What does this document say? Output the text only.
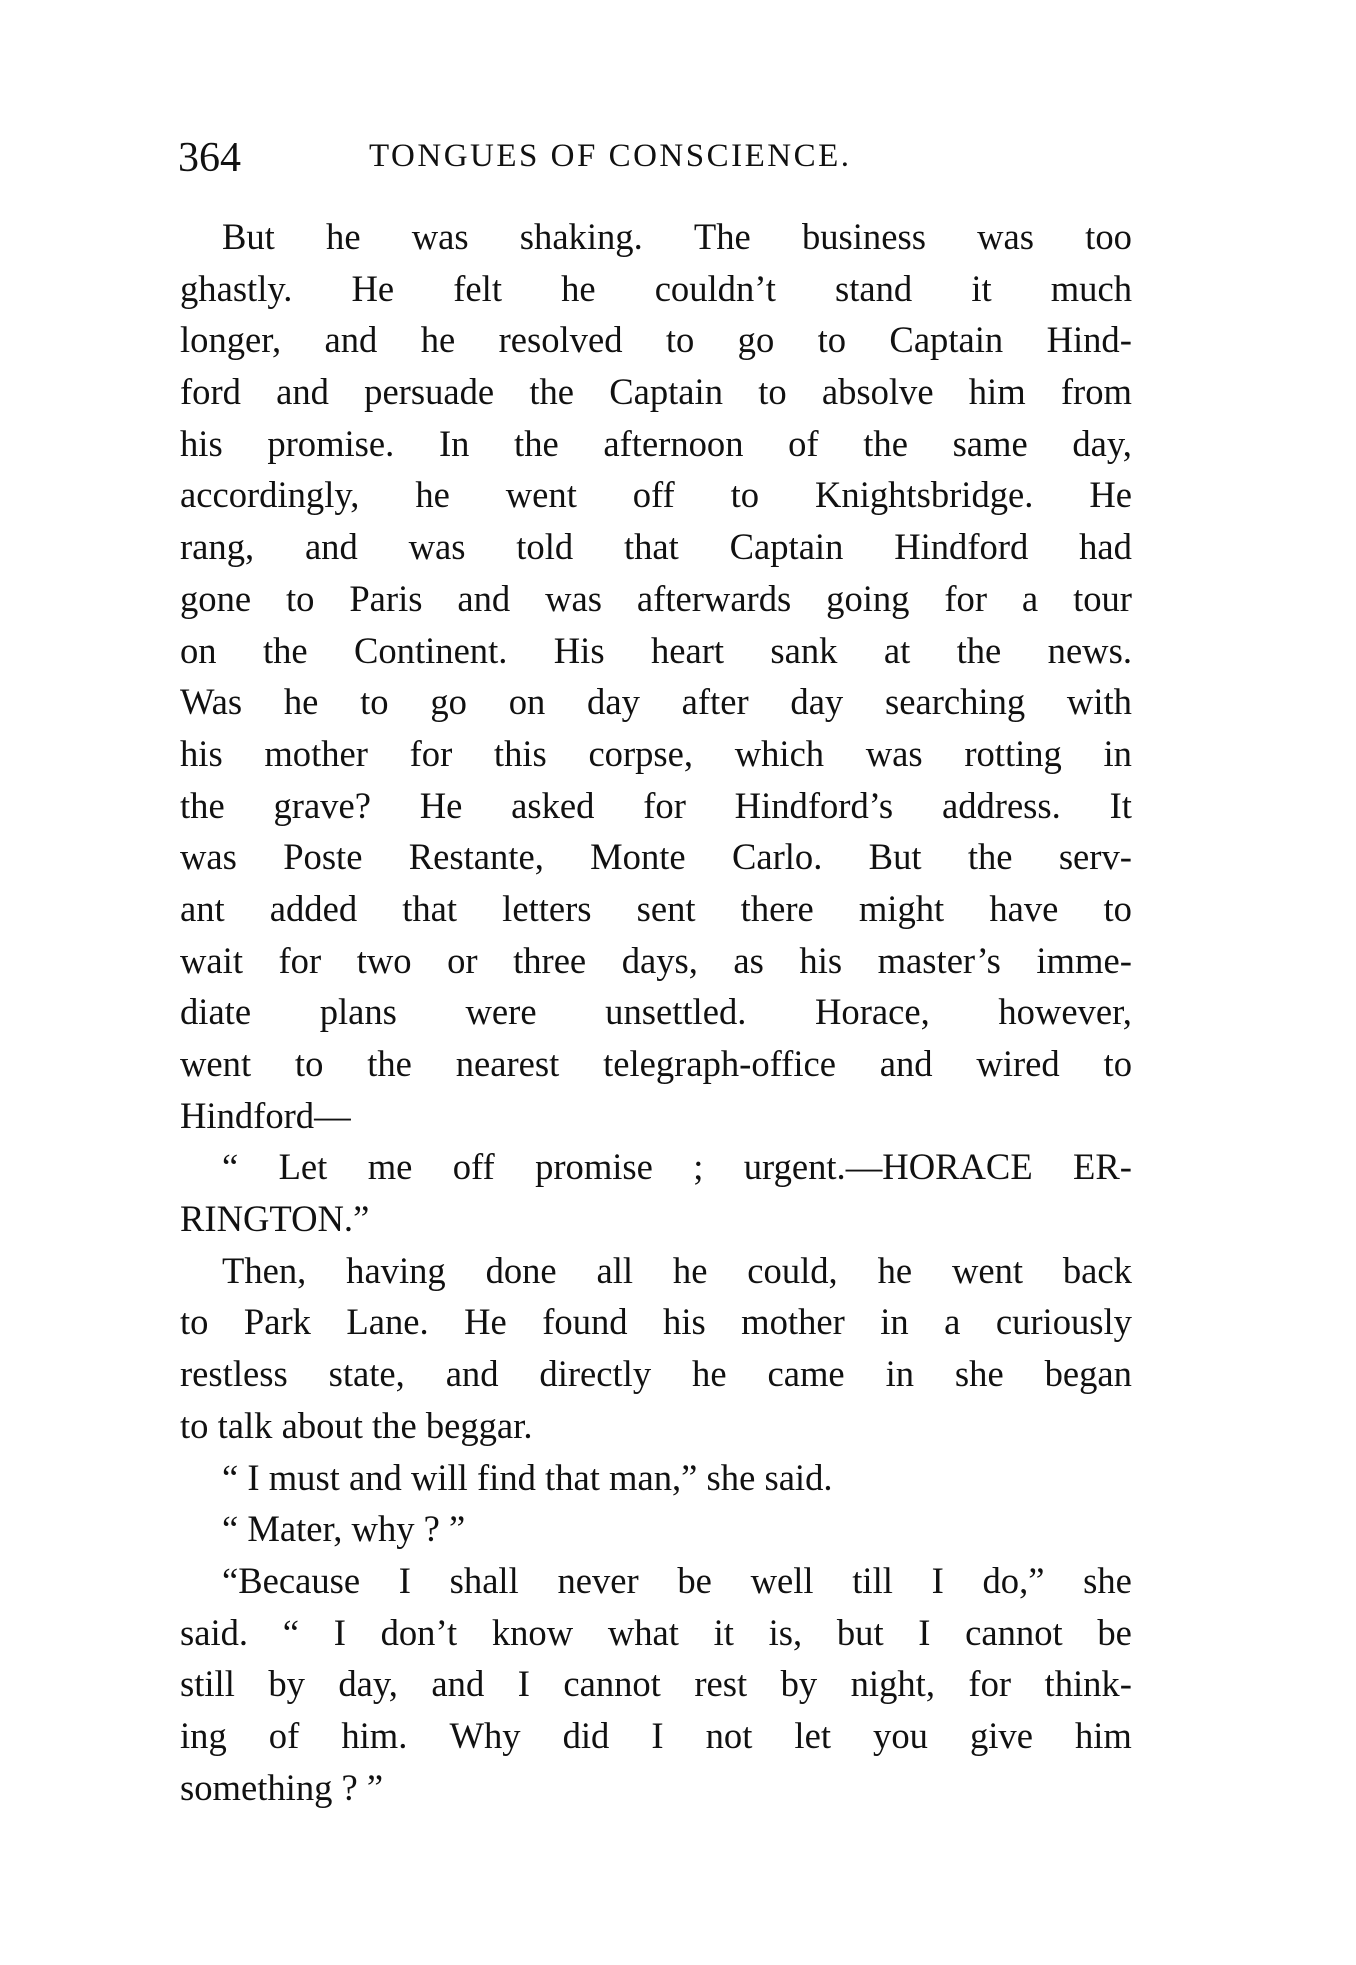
364	TONGUES OF CONSCIENCE.
But he was shaking. The business was too
ghastly. He felt he couldn’t stand it much
longer, and he resolved to go to Captain Hind-
ford and persuade the Captain to absolve him from
his promise. In the afternoon of the same day,
accordingly, he went off to Knightsbridge. He
rang, and was told that Captain Hindford had
gone to Paris and was afterwards going for a tour
on the Continent. His heart sank at the news.
Was he to go on day after day searching with
his mother for this corpse, which was rotting in
the grave? He asked for Hindford’s address. It
was Poste Restante, Monte Carlo. But the serv-
ant added that letters sent there might have to
wait for two or three days, as his master’s imme-
diate plans were unsettled. Horace, however,
went to the nearest telegraph-office and wired to
Hindford—
“ Let me off promise ; urgent.—HORACE ER-
RINGTON.”
Then, having done all he could, he went back
to Park Lane. He found his mother in a curiously
restless state, and directly he came in she began
to talk about the beggar.
“ I must and will find that man,” she said.
“ Mater, why ? ”
“Because I shall never be well till I do,” she
said. “ I don’t know what it is, but I cannot be
still by day, and I cannot rest by night, for think-
ing of him. Why did I not let you give him
something ? ”
